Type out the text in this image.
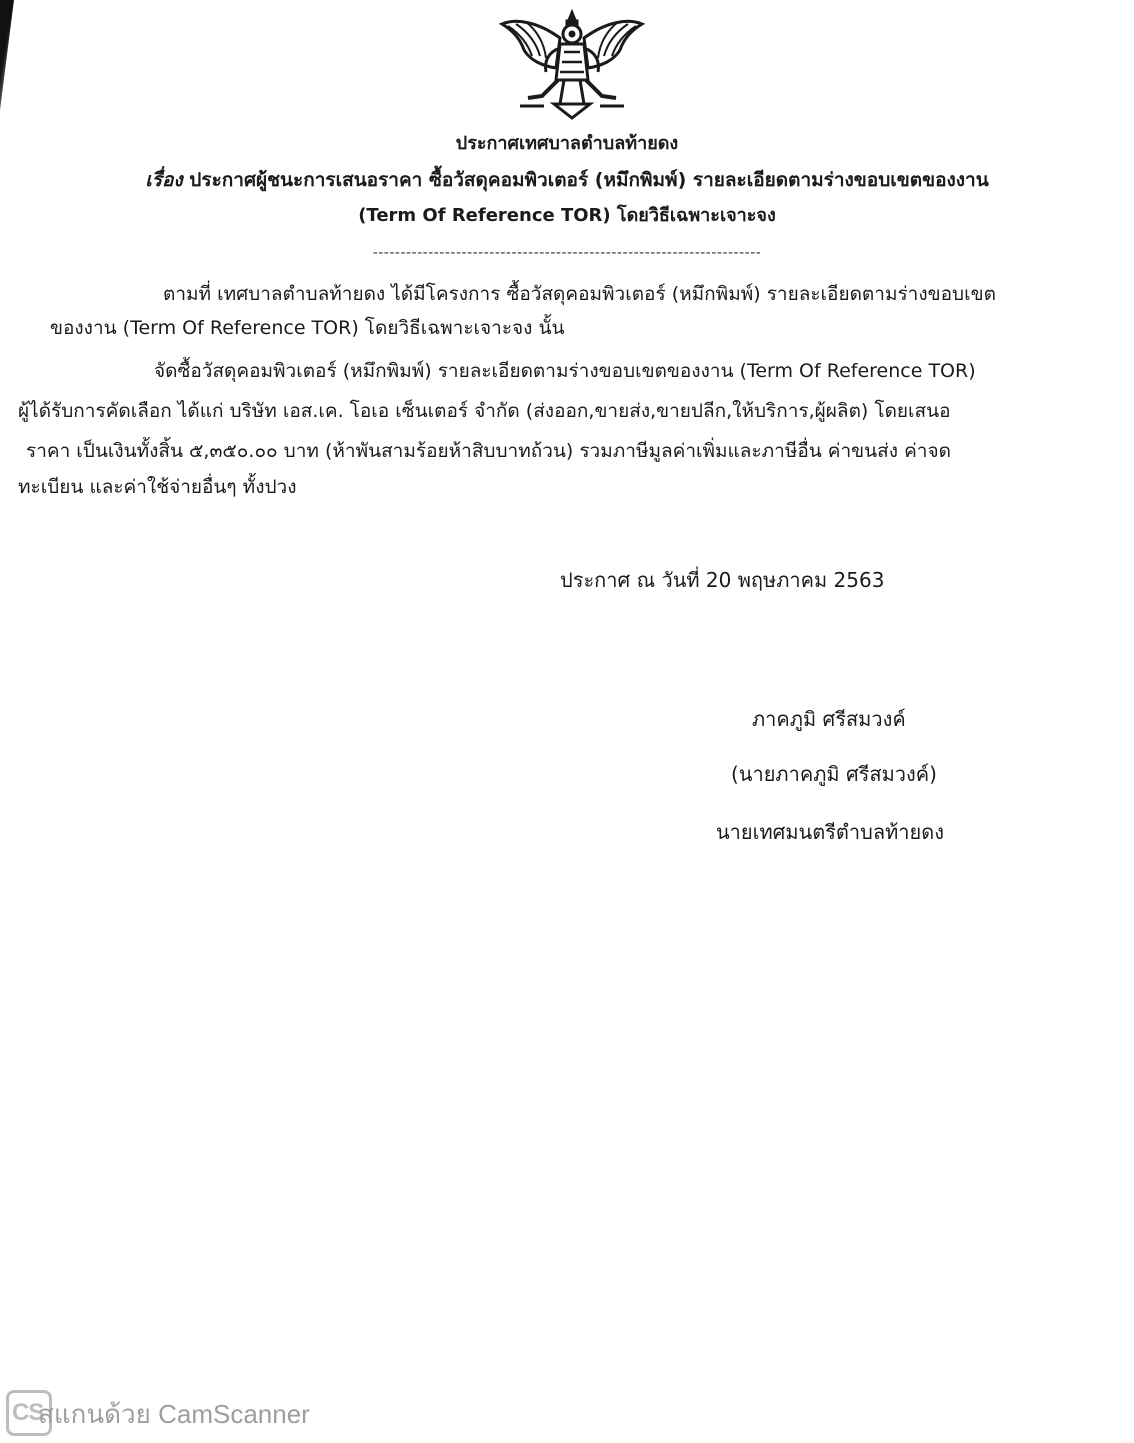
ประกาศเทศบาลตำบลท้ายดง
เรื่อง ประกาศผู้ชนะการเสนอราคา ซื้อวัสดุคอมพิวเตอร์ (หมึกพิมพ์) รายละเอียดตามร่างขอบเขตของงาน
(Term Of Reference TOR) โดยวิธีเฉพาะเจาะจง
----------------------------------------------------------------------
ตามที่ เทศบาลตำบลท้ายดง ได้มีโครงการ ซื้อวัสดุคอมพิวเตอร์ (หมึกพิมพ์) รายละเอียดตามร่างขอบเขต
ของงาน (Term Of Reference TOR) โดยวิธีเฉพาะเจาะจง นั้น
จัดซื้อวัสดุคอมพิวเตอร์ (หมึกพิมพ์) รายละเอียดตามร่างขอบเขตของงาน (Term Of Reference TOR)
ผู้ได้รับการคัดเลือก ได้แก่ บริษัท เอส.เค. โอเอ เซ็นเตอร์ จำกัด (ส่งออก,ขายส่ง,ขายปลีก,ให้บริการ,ผู้ผลิต) โดยเสนอ
ราคา เป็นเงินทั้งสิ้น ๕,๓๕๐.๐๐ บาท (ห้าพันสามร้อยห้าสิบบาทถ้วน) รวมภาษีมูลค่าเพิ่มและภาษีอื่น ค่าขนส่ง ค่าจด
ทะเบียน และค่าใช้จ่ายอื่นๆ ทั้งปวง
ประกาศ ณ วันที่ 20 พฤษภาคม 2563
ภาคภูมิ ศรีสมวงค์
(นายภาคภูมิ ศรีสมวงค์)
นายเทศมนตรีตำบลท้ายดง
CS
สแกนด้วย CamScanner
